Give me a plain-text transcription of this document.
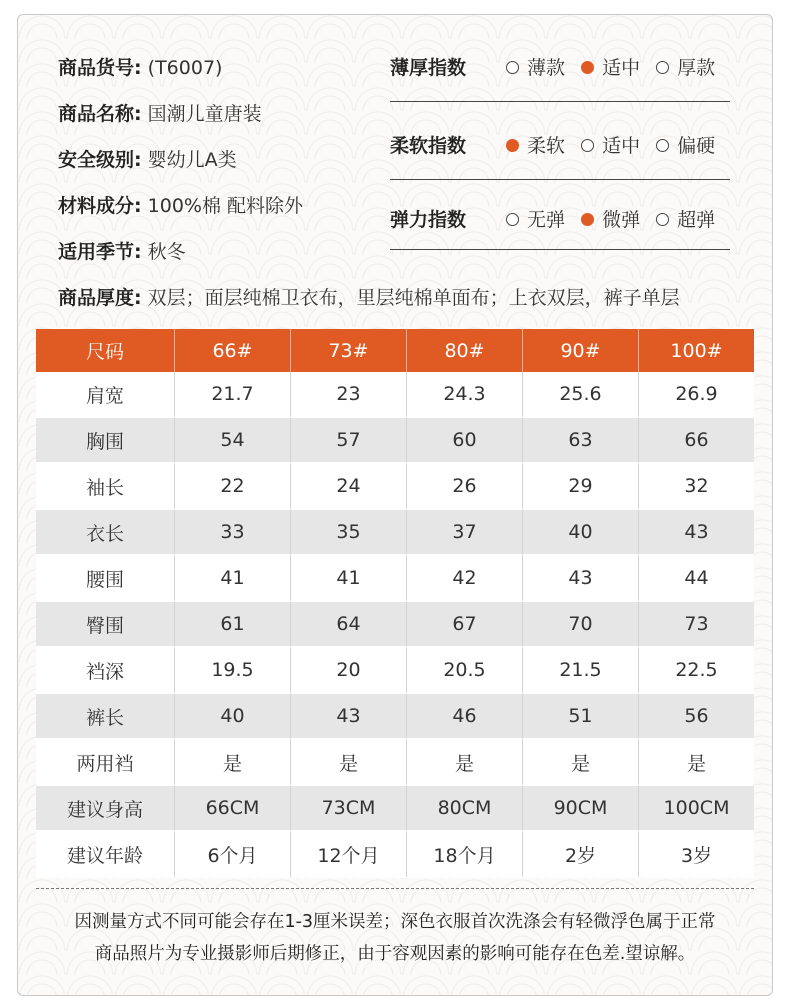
商品货号: (T6007)
商品名称: 国潮儿童唐装
安全级别: 婴幼儿A类
材料成分: 100%棉 配料除外
适用季节: 秋冬
商品厚度: 双层；面层纯棉卫衣布，里层纯棉单面布；上衣双层，裤子单层
薄厚指数	薄款 适中 厚款
柔软指数	柔软 适中 偏硬
弹力指数	无弹 微弹 超弹
尺码	66#	73#	80#	90#	100#
肩宽	21.7	23	24.3	25.6	26.9
胸围	54	57	60	63	66
袖长	22	24	26	29	32
衣长	33	35	37	40	43
腰围	41	41	42	43	44
臀围	61	64	67	70	73
裆深	19.5	20	20.5	21.5	22.5
裤长	40	43	46	51	56
两用裆	是	是	是	是	是
建议身高	66CM	73CM	80CM	90CM	100CM
建议年龄	6个月	12个月	18个月	2岁	3岁
因测量方式不同可能会存在1-3厘米误差；深色衣服首次洗涤会有轻微浮色属于正常
商品照片为专业摄影师后期修正，由于容观因素的影响可能存在色差.望谅解。
